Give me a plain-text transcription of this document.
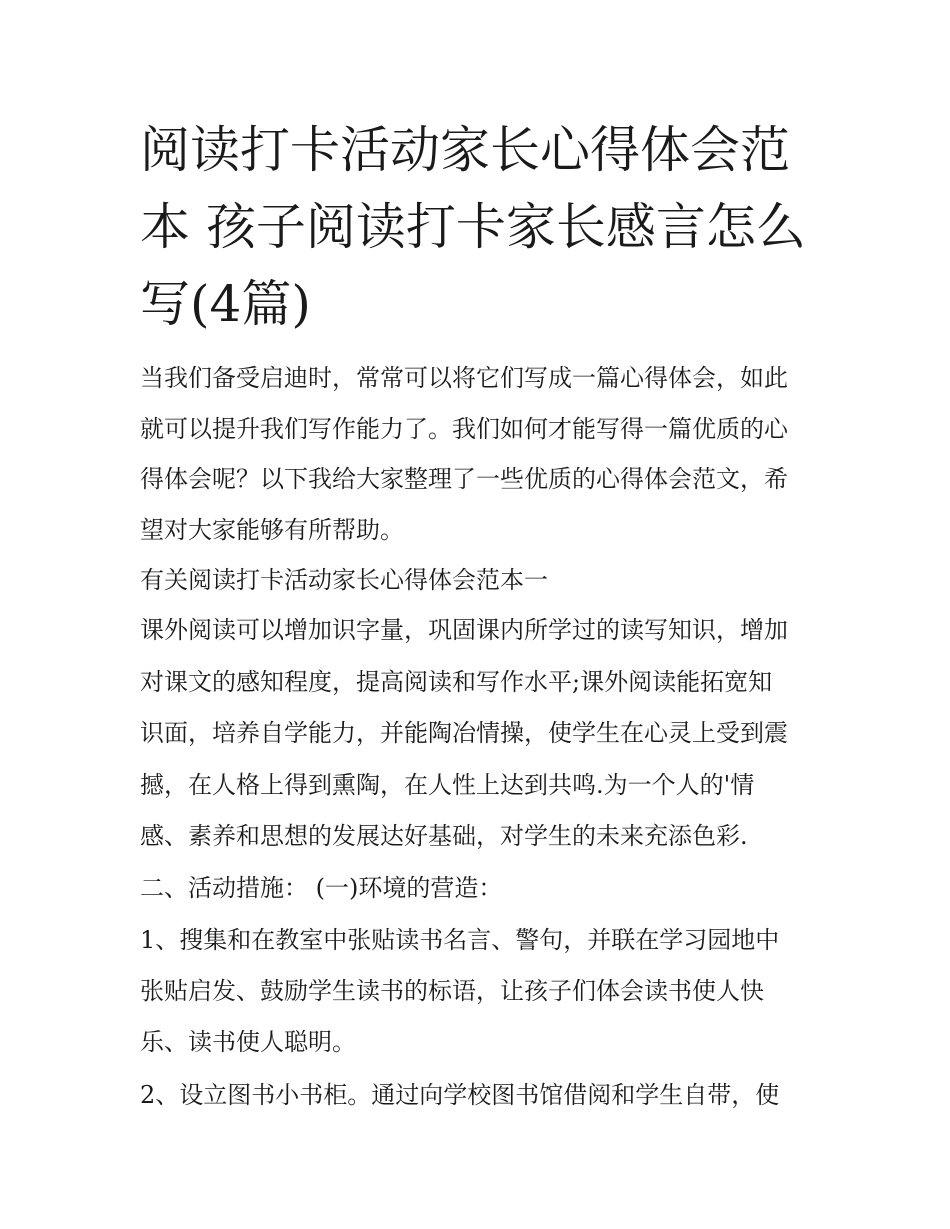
阅读打卡活动家长心得体会范
本 孩子阅读打卡家长感言怎么
写(4篇)

当我们备受启迪时，常常可以将它们写成一篇心得体会，如此
就可以提升我们写作能力了。我们如何才能写得一篇优质的心
得体会呢？以下我给大家整理了一些优质的心得体会范文，希
望对大家能够有所帮助。

有关阅读打卡活动家长心得体会范本一

课外阅读可以增加识字量，巩固课内所学过的读写知识，增加
对课文的感知程度，提高阅读和写作水平;课外阅读能拓宽知
识面，培养自学能力，并能陶冶情操，使学生在心灵上受到震
撼，在人格上得到熏陶，在人性上达到共鸣.为一个人的'情
感、素养和思想的发展达好基础，对学生的未来充添色彩.

二、活动措施： (一)环境的营造：

1、搜集和在教室中张贴读书名言、警句，并联在学习园地中
张贴启发、鼓励学生读书的标语，让孩子们体会读书使人快
乐、读书使人聪明。

2、设立图书小书柜。通过向学校图书馆借阅和学生自带，使
